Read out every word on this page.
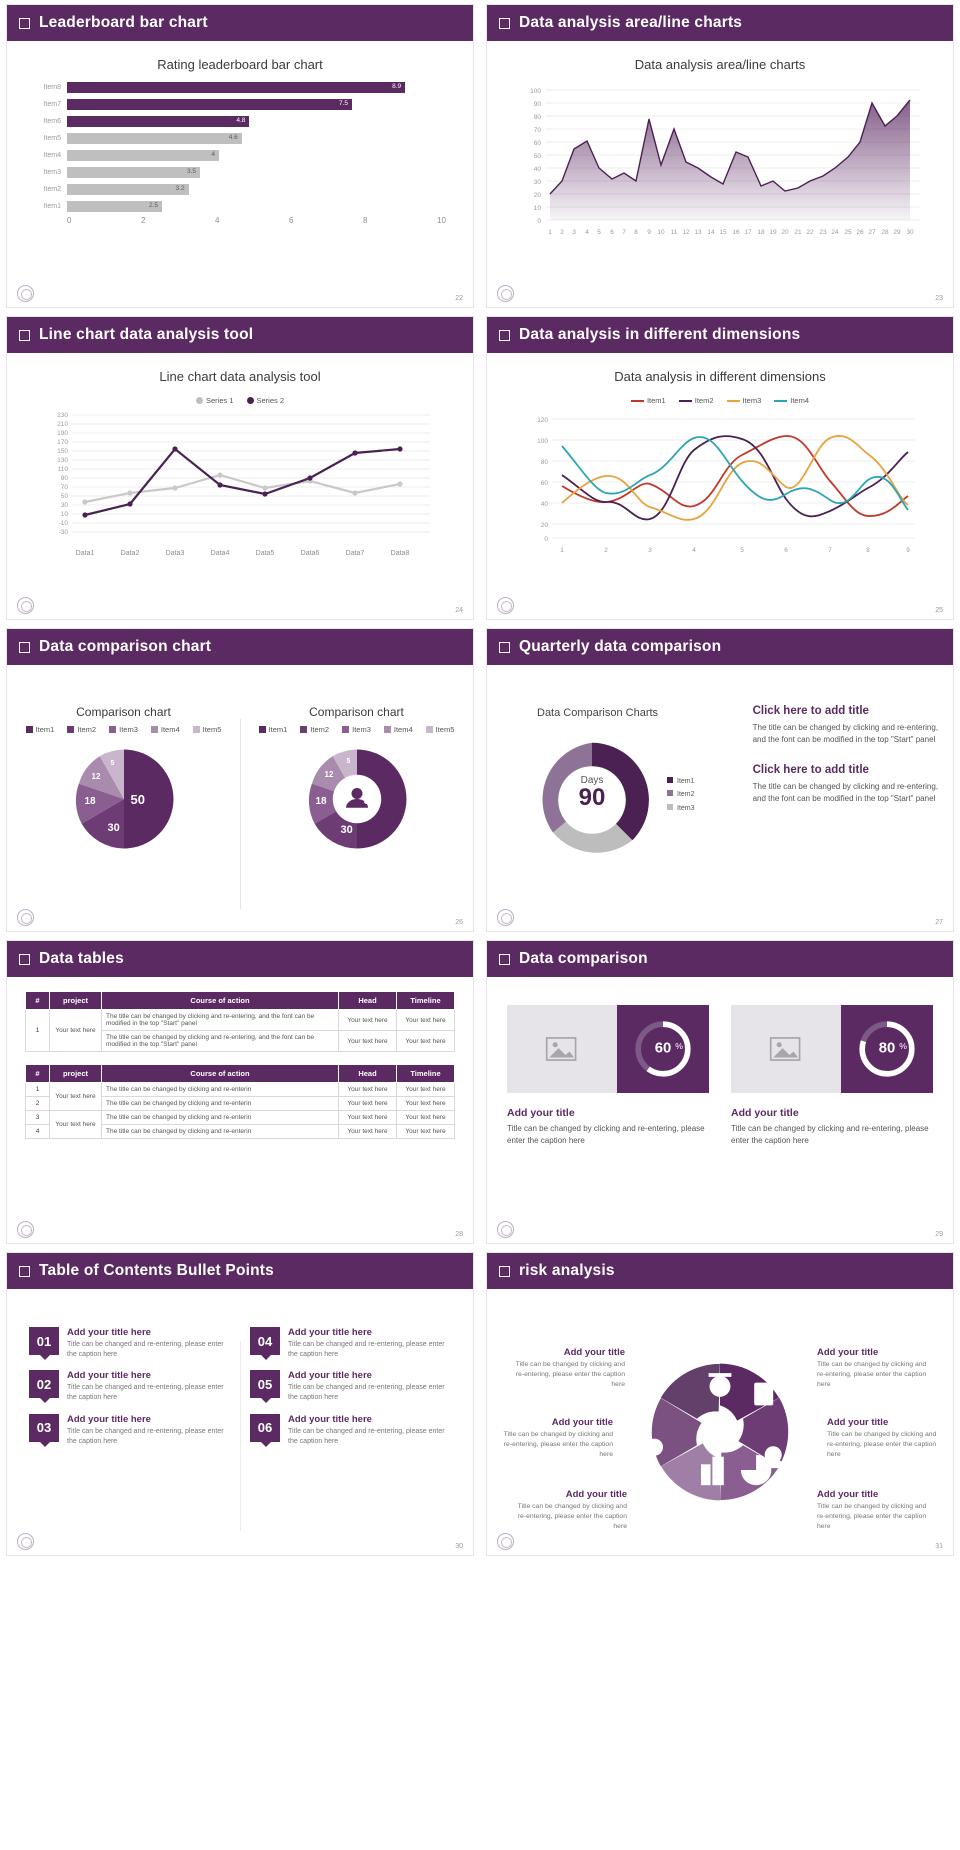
Leaderboard bar chart
Rating leaderboard bar chart
Item8	8.9
Item7	7.5
Item6	4.8
Item5	4.6
Item4	4
Item3	3.5
Item2	3.2
Item1	2.5
0	2	4	6	8	10
22
Data analysis area/line charts
Data analysis area/line charts
100
90
80
70
60
50
40
30
20
10
0
1 2 3 4 5 6 7 8 9 10 11 12 13 14 15 16 17 18 19 20 21 22 23 24 25 26 27 28 29 30
23
Line chart data analysis tool
Line chart data analysis tool
Series 1	Series 2
230
210
190
170
150
130
110
90
70
50
30
10
-10
-30
Data1	Data2	Data3	Data4	Data5	Data6	Data7	Data8
24
Data analysis in different dimensions
Data analysis in different dimensions
Item1	Item2	Item3	Item4
120
100
80
60
40
20
0
1	2	3	4	5	6	7	8	9
25
Data comparison chart
Comparison chart
Item1	Item2	Item3	Item4	Item5
50
30
18
12
5
Comparison chart
Item1	Item2	Item3	Item4	Item5
50
30
18
12
5
26
Quarterly data comparison
Data Comparison Charts
Days
90
Item1
Item2
Item3
Click here to add title
The title can be changed by clicking and re-entering, and the font can be modified in the top "Start" panel
Click here to add title
The title can be changed by clicking and re-entering, and the font can be modified in the top "Start" panel
27
Data tables
#	project	Course of action	Head	Timeline
1	Your text here	The title can be changed by clicking and re-entering, and the font can be modified in the top "Start" panel	Your text here	Your text here
		The title can be changed by clicking and re-entering, and the font can be modified in the top "Start" panel	Your text here	Your text here
#	project	Course of action	Head	Timeline
1	Your text here	The title can be changed by clicking and re-enterin	Your text here	Your text here
2		The title can be changed by clicking and re-enterin	Your text here	Your text here
3	Your text here	The title can be changed by clicking and re-enterin	Your text here	Your text here
4		The title can be changed by clicking and re-enterin	Your text here	Your text here
28
Data comparison
60 %	80 %
Add your title
Title can be changed by clicking and re-entering, please enter the caption here
Add your title
Title can be changed by clicking and re-entering, please enter the caption here
29
Table of Contents Bullet Points
01
Add your title here
Title can be changed and re-entering, please enter the caption here
04
Add your title here
Title can be changed and re-entering, please enter the caption here
02
Add your title here
Title can be changed and re-entering, please enter the caption here
05
Add your title here
Title can be changed and re-entering, please enter the caption here
03
Add your title here
Title can be changed and re-entering, please enter the caption here
06
Add your title here
Title can be changed and re-entering, please enter the caption here
30
risk analysis
Add your title
Title can be changed by clicking and re-entering, please enter the caption here
Add your title
Title can be changed by clicking and re-entering, please enter the caption here
Add your title
Title can be changed by clicking and re-entering, please enter the caption here
Add your title
Title can be changed by clicking and re-entering, please enter the caption here
Add your title
Title can be changed by clicking and re-entering, please enter the caption here
Add your title
Title can be changed by clicking and re-entering, please enter the caption here
31
